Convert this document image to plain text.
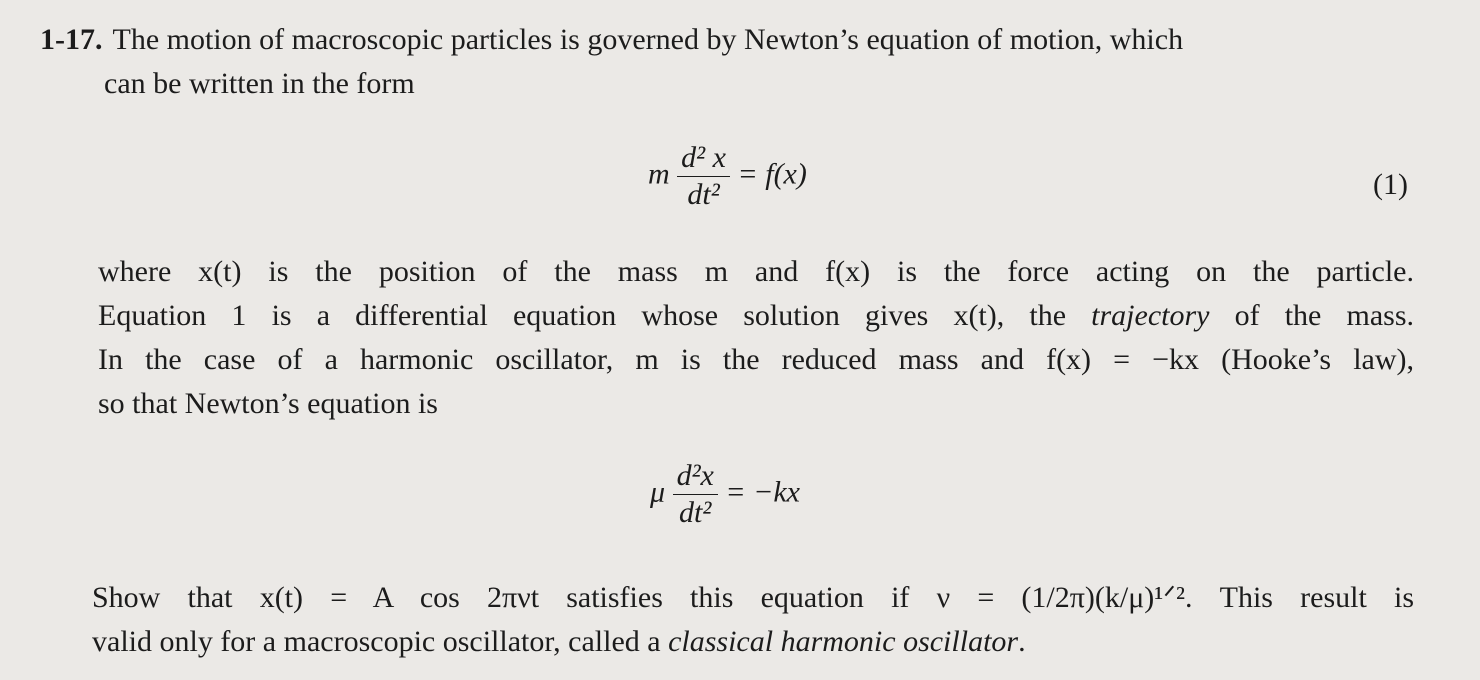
1-17. The motion of macroscopic particles is governed by Newton’s equation of motion, which
can be written in the form

m $\frac{\text{d² x}}{\text{dt²}} = f(x)$	(1)
where x(t) is the position of the mass m and f(x) is the force acting on the particle.
Equation 1 is a differential equation whose solution gives x(t), the trajectory of the mass.
In the case of a harmonic oscillator, m is the reduced mass and f(x) = −kx (Hooke’s law),
so that Newton’s equation is
μ $\frac{\text{d²x}}{\text{dt²}} = -kx$
Show that x(t) = A cos 2πνt satisfies this equation if ν = (1/2π)(k/μ)¹ᐟ². This result is
valid only for a macroscopic oscillator, called a classical harmonic oscillator.
